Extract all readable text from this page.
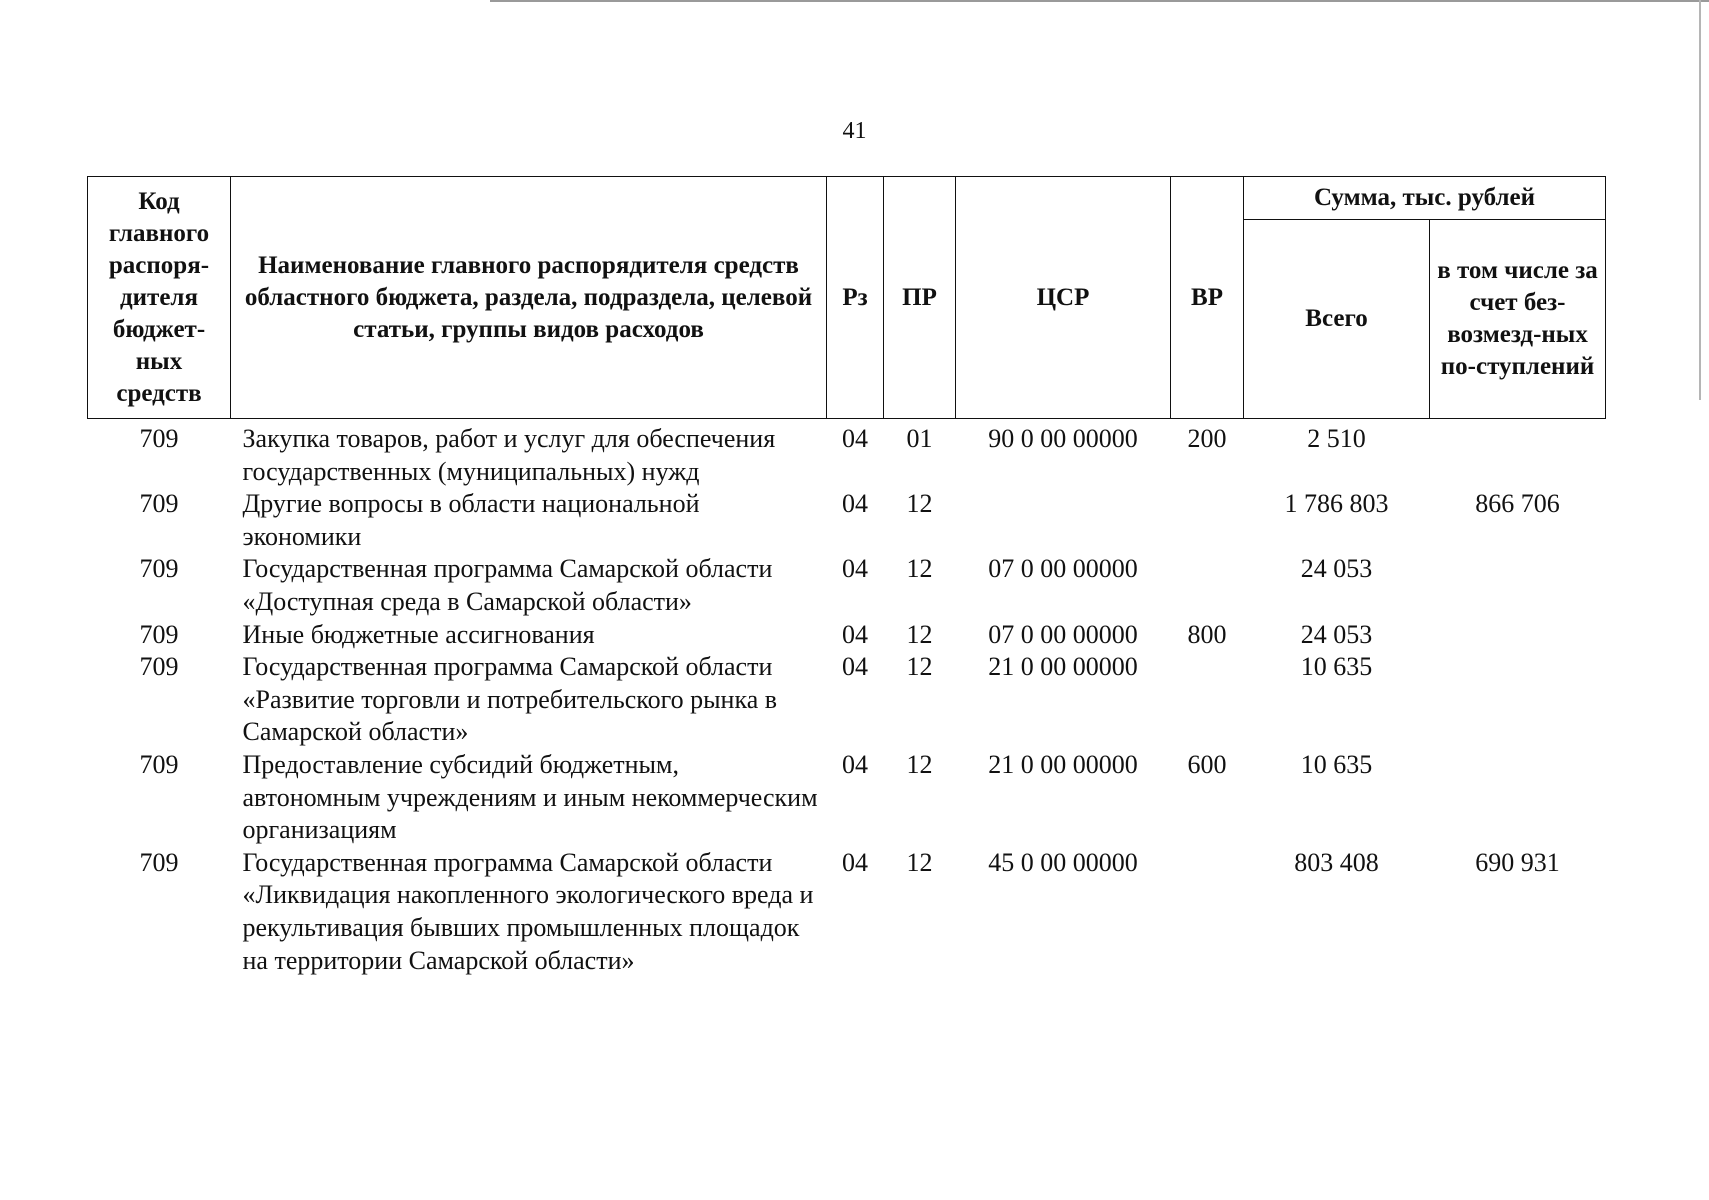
41
Код главного распоря-дителя бюджет-ных средств	Наименование главного распорядителя средств областного бюджета, раздела, подраздела, целевой статьи, группы видов расходов	Рз	ПР	ЦСР	ВР	Сумма, тыс. рублей	
						Всего	в том числе за счет без-возмезд-ных по-ступлений
709	Закупка товаров, работ и услуг для обеспечения государственных (муниципальных) нужд	04	01	90 0 00 00000	200	2 510	
709	Другие вопросы в области национальной экономики	04	12			1 786 803	866 706
709	Государственная программа Самарской области «Доступная среда в Самарской области»	04	12	07 0 00 00000		24 053	
709	Иные бюджетные ассигнования	04	12	07 0 00 00000	800	24 053	
709	Государственная программа Самарской области «Развитие торговли и потребительского рынка в Самарской области»	04	12	21 0 00 00000		10 635	
709	Предоставление субсидий бюджетным, автономным учреждениям и иным некоммерческим организациям	04	12	21 0 00 00000	600	10 635	
709	Государственная программа Самарской области «Ликвидация накопленного экологического вреда и рекультивация бывших промышленных площадок на территории Самарской области»	04	12	45 0 00 00000		803 408	690 931
